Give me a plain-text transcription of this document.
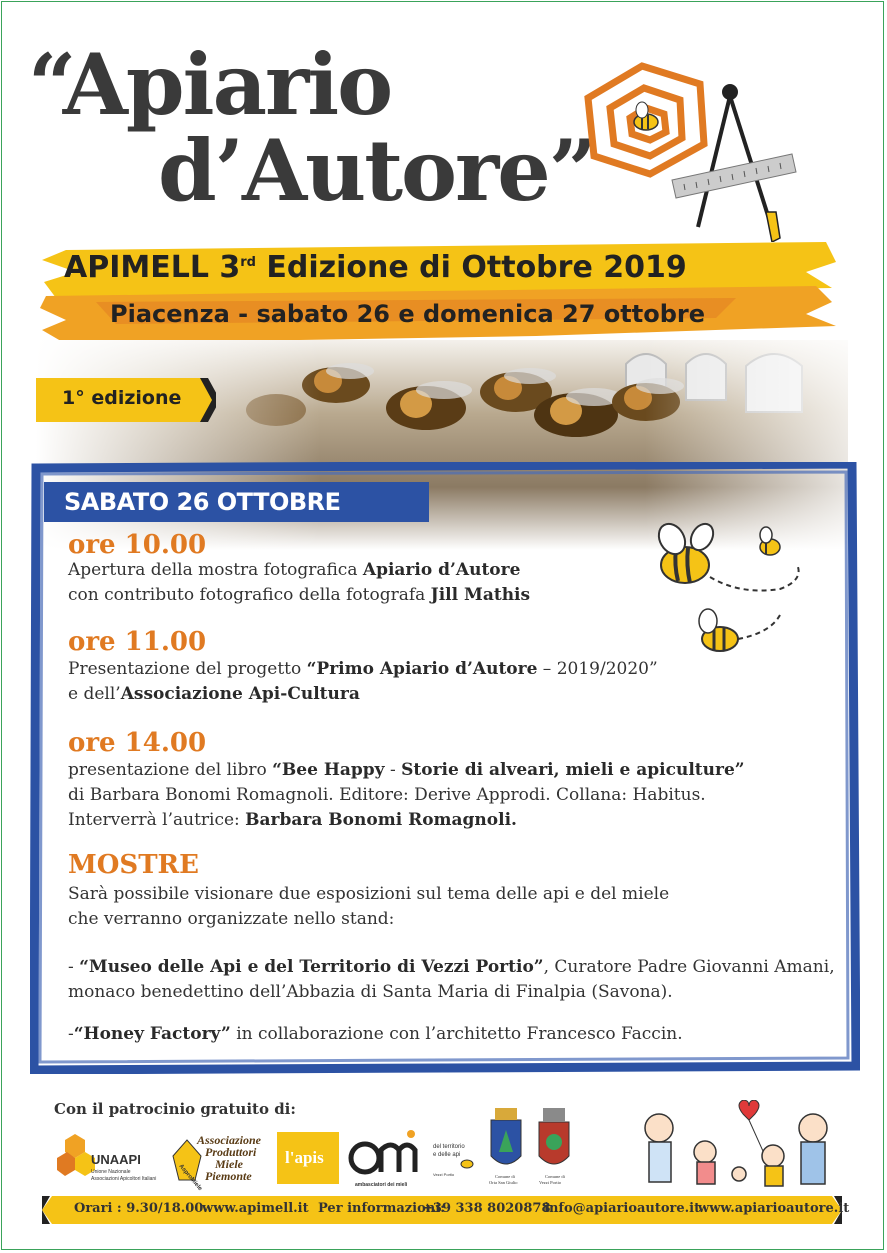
“Apiario
d’Autore”
APIMELL 3rd Edizione di Ottobre 2019
Piacenza - sabato 26 e domenica 27 ottobre
1° edizione
SABATO 26 OTTOBRE
ore 10.00
Apertura della mostra fotografica Apiario d’Autore
con contributo fotografico della fotografa Jill Mathis
ore 11.00
Presentazione del progetto “Primo Apiario d’Autore – 2019/2020”
e dell’Associazione Api-Cultura
ore 14.00
presentazione del libro “Bee Happy - Storie di alveari, mieli e apiculture”
di Barbara Bonomi Romagnoli. Editore: Derive Approdi. Collana: Habitus.
Interverrà l’autrice: Barbara Bonomi Romagnoli.
MOSTRE
Sarà possibile visionare due esposizioni sul tema delle api e del miele
che verranno organizzate nello stand:
- “Museo delle Api e del Territorio di Vezzi Portio”, Curatore Padre Giovanni Amani,
monaco benedettino dell’Abbazia di Santa Maria di Finalpia (Savona).
-“Honey Factory” in collaborazione con l’architetto Francesco Faccin.
Con il patrocinio gratuito di:
UNAAPI
Unione Nazionale
Associazioni Apicoltori Italiani	AsproMiele
Associazione
Produttori
Miele
Piemonte
l'apis
ambasciatori dei mieli
del territorio
e delle api
Vezzi Portio	Comune di
Orta San Giulio
Comune di
Vezzi Portio
Orari : 9.30/18.00
www.apimell.it Per informazioni:
+39 338 8020878
info@apiarioautore.it
www.apiarioautore.it
